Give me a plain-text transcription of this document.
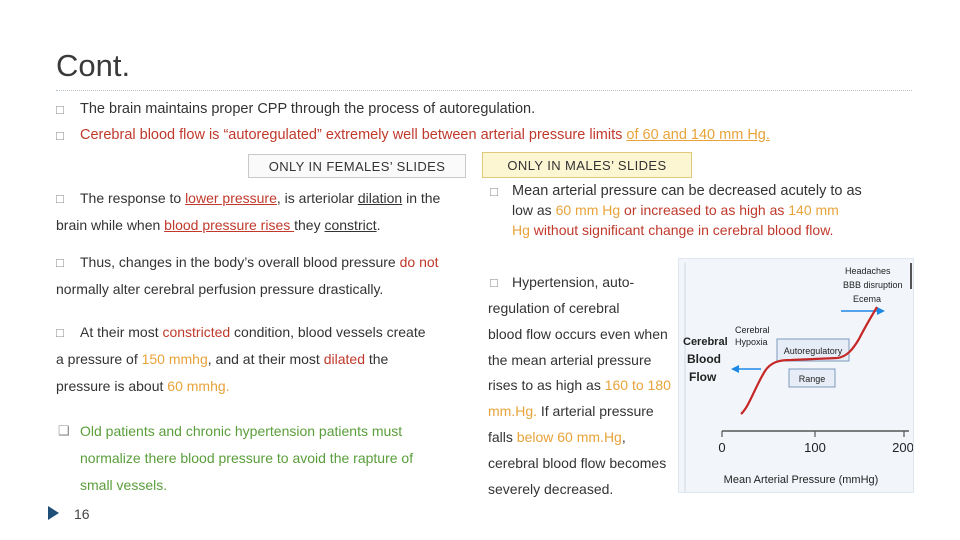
Cont.
□ The brain maintains proper CPP through the process of autoregulation.
□ Cerebral blood flow is “autoregulated” extremely well between arterial pressure limits of 60 and 140 mm Hg.
ONLY IN FEMALES’ SLIDES	ONLY IN MALES’ SLIDES
□ The response to lower pressure, is arteriolar dilation in the
brain while when blood pressure rises they constrict.
□ Thus, changes in the body’s overall blood pressure do not
normally alter cerebral perfusion pressure drastically.
□ At their most constricted condition, blood vessels create
a pressure of 150 mmhg, and at their most dilated the
pressure is about 60 mmhg.
❑ Old patients and chronic hypertension patients must
normalize there blood pressure to avoid the rapture of
small vessels.
□ Mean arterial pressure can be decreased acutely to as
low as 60 mm Hg or increased to as high as 140 mm
Hg without significant change in cerebral blood flow.
□ Hypertension, auto-
regulation of cerebral
blood flow occurs even when
the mean arterial pressure
rises to as high as 160 to 180
mm.Hg. If arterial pressure
falls below 60 mm.Hg,
cerebral blood flow becomes
severely decreased.
0	100	200
Mean Arterial Pressure (mmHg)
Cerebral
Blood
Flow
Cerebral
Hypoxia
Autoregulatory
Range
Headaches
BBB disruption
Ecema
16
